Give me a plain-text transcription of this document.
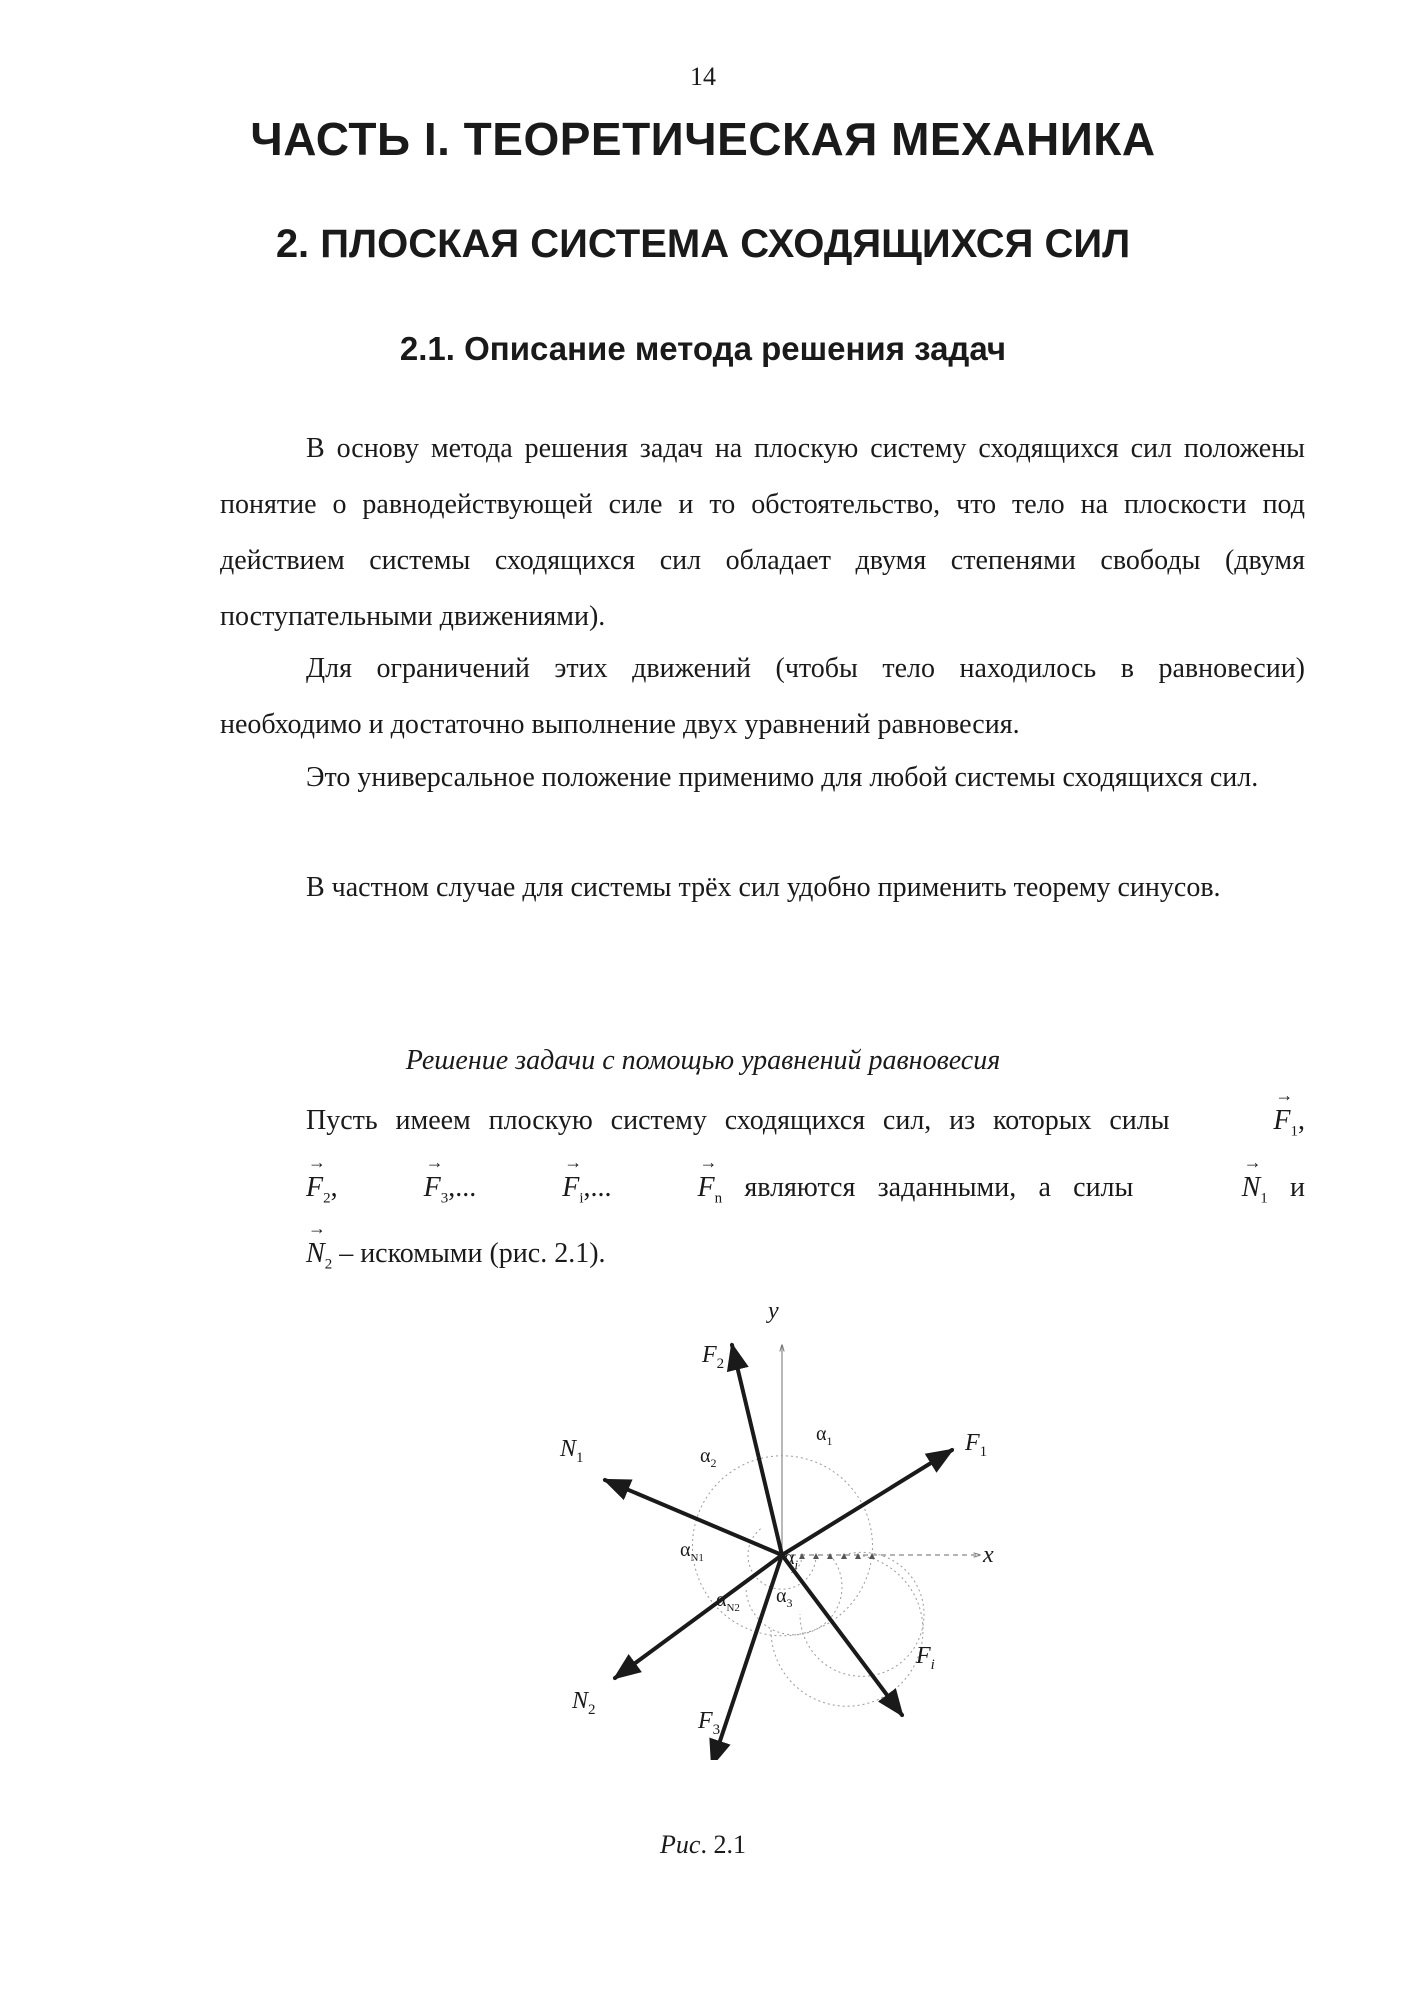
14
ЧАСТЬ I. ТЕОРЕТИЧЕСКАЯ МЕХАНИКА
2. ПЛОСКАЯ СИСТЕМА СХОДЯЩИХСЯ СИЛ
2.1. Описание метода решения задач

В основу метода решения задач на плоскую систему сходящихся сил положены понятие о равнодействующей силе и то обстоятельство, что тело на плоскости под действием системы сходящихся сил обладает двумя степенями свободы (двумя поступательными движениями).

Для ограничений этих движений (чтобы тело находилось в равновесии) необходимо и достаточно выполнение двух уравнений равновесия.

Это универсальное положение применимо для любой системы сходящихся сил.

В частном случае для системы трёх сил удобно применить теорему синусов.

Решение задачи с помощью уравнений равновесия

Пусть имеем плоскую систему сходящихся сил, из которых силы →	$F_1,\to F_2,\to$	$F_3,...\to$	$F_i,...\to$	$F_n$ являются заданными, а силы →	$N_1$ $и \to N_2$ – искомыми (рис. 2.1).

y
x
$F_1$
$F_2$
$N_1$
$N_2$	$F_3$
$F_i$
$\alpha_1$
$\alpha_2$
$\alpha_{N1}$	$\alpha_i$
$\alpha_{N2}$
$\alpha_3$
Рис. 2.1
